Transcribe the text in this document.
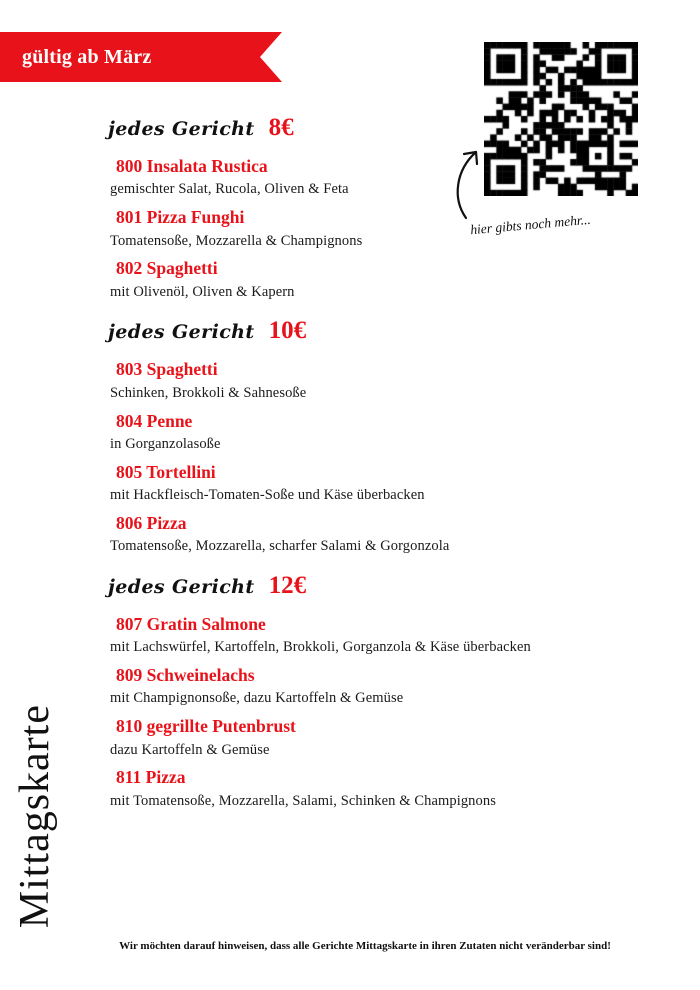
gültig ab März
Mittagskarte
hier gibts noch mehr...
jedes Gericht 8€
800 Insalata Rustica
gemischter Salat, Rucola, Oliven & Feta
801 Pizza Funghi
Tomatensoße, Mozzarella & Champignons
802 Spaghetti
mit Olivenöl, Oliven & Kapern
jedes Gericht 10€
803 Spaghetti
Schinken, Brokkoli & Sahnesoße
804 Penne
in Gorganzolasoße
805 Tortellini
mit Hackfleisch-Tomaten-Soße und Käse überbacken
806 Pizza
Tomatensoße, Mozzarella, scharfer Salami & Gorgonzola
jedes Gericht 12€
807 Gratin Salmone
mit Lachswürfel, Kartoffeln, Brokkoli, Gorganzola & Käse überbacken
809 Schweinelachs
mit Champignonsoße, dazu Kartoffeln & Gemüse
810 gegrillte Putenbrust
dazu Kartoffeln & Gemüse
811 Pizza
mit Tomatensoße, Mozzarella, Salami, Schinken & Champignons
Wir möchten darauf hinweisen, dass alle Gerichte Mittagskarte in ihren Zutaten nicht veränderbar sind!
